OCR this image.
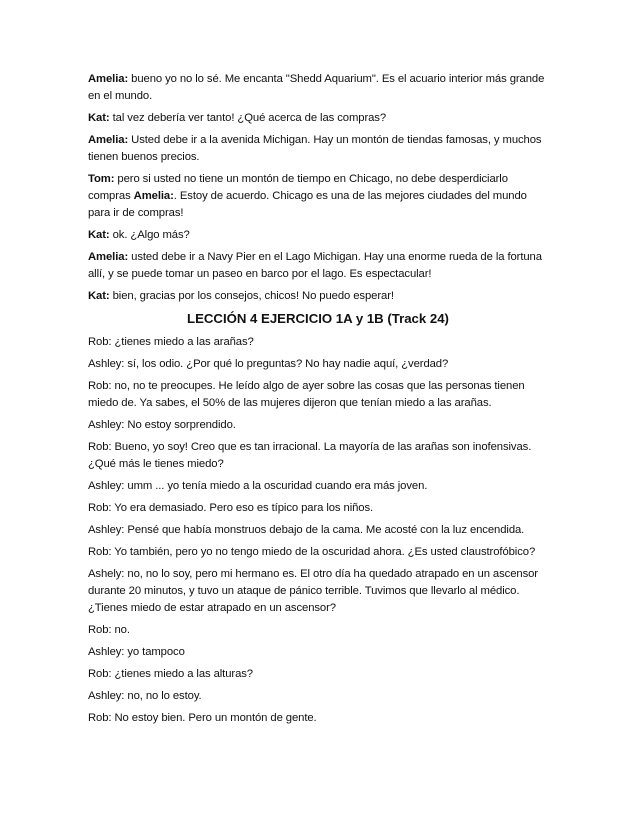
Amelia: bueno yo no lo sé. Me encanta "Shedd Aquarium". Es el acuario interior más grande en el mundo.

Kat: tal vez debería ver tanto! ¿Qué acerca de las compras?

Amelia: Usted debe ir a la avenida Michigan. Hay un montón de tiendas famosas, y muchos tienen buenos precios.

Tom: pero si usted no tiene un montón de tiempo en Chicago, no debe desperdiciarlo compras Amelia:. Estoy de acuerdo. Chicago es una de las mejores ciudades del mundo para ir de compras!

Kat: ok. ¿Algo más?

Amelia: usted debe ir a Navy Pier en el Lago Michigan. Hay una enorme rueda de la fortuna allí, y se puede tomar un paseo en barco por el lago. Es espectacular!

Kat: bien, gracias por los consejos, chicos! No puedo esperar!

LECCIÓN 4 EJERCICIO 1A y 1B (Track 24)

Rob: ¿tienes miedo a las arañas?

Ashley: sí, los odio. ¿Por qué lo preguntas? No hay nadie aquí, ¿verdad?

Rob: no, no te preocupes. He leído algo de ayer sobre las cosas que las personas tienen miedo de. Ya sabes, el 50% de las mujeres dijeron que tenían miedo a las arañas.

Ashley: No estoy sorprendido.

Rob: Bueno, yo soy! Creo que es tan irracional. La mayoría de las arañas son inofensivas. ¿Qué más le tienes miedo?

Ashley: umm ... yo tenía miedo a la oscuridad cuando era más joven.

Rob: Yo era demasiado. Pero eso es típico para los niños.

Ashley: Pensé que había monstruos debajo de la cama. Me acosté con la luz encendida.

Rob: Yo también, pero yo no tengo miedo de la oscuridad ahora. ¿Es usted claustrofóbico?

Ashely: no, no lo soy, pero mi hermano es. El otro día ha quedado atrapado en un ascensor durante 20 minutos, y tuvo un ataque de pánico terrible. Tuvimos que llevarlo al médico. ¿Tienes miedo de estar atrapado en un ascensor?

Rob: no.

Ashley: yo tampoco

Rob: ¿tienes miedo a las alturas?

Ashley: no, no lo estoy.

Rob: No estoy bien. Pero un montón de gente.
